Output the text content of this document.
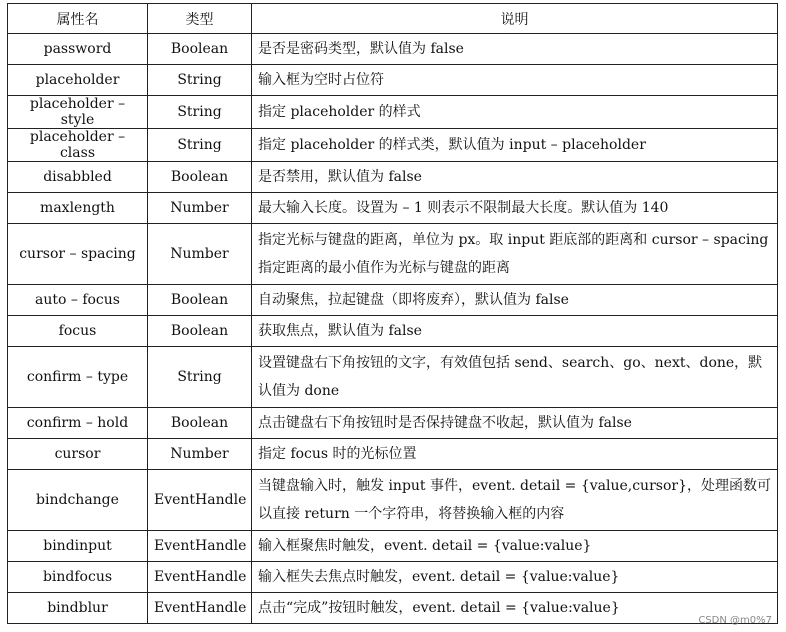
属性名	类型	说明
password	Boolean	是否是密码类型，默认值为 false
placeholder	String	输入框为空时占位符
placeholder – style	String	指定 placeholder 的样式
placeholder – class	String	指定 placeholder 的样式类，默认值为 input – placeholder
disabbled	Boolean	是否禁用，默认值为 false
maxlength	Number	最大输入长度。设置为 – 1 则表示不限制最大长度。默认值为 140
cursor – spacing	Number	指定光标与键盘的距离，单位为 px。取 input 距底部的距离和 cursor – spacing 指定距离的最小值作为光标与键盘的距离
auto – focus	Boolean	自动聚焦，拉起键盘（即将废弃），默认值为 false
focus	Boolean	获取焦点，默认值为 false
confirm – type	String	设置键盘右下角按钮的文字，有效值包括 send、search、go、next、done，默认值为 done
confirm – hold	Boolean	点击键盘右下角按钮时是否保持键盘不收起，默认值为 false
cursor	Number	指定 focus 时的光标位置
bindchange	EventHandle	当键盘输入时，触发 input 事件，event. detail = {value,cursor}，处理函数可以直接 return 一个字符串，将替换输入框的内容
bindinput	EventHandle	输入框聚焦时触发，event. detail = {value:value}
bindfocus	EventHandle	输入框失去焦点时触发，event. detail = {value:value}
bindblur	EventHandle	点击“完成”按钮时触发，event. detail = {value:value}
CSDN @m0%7
